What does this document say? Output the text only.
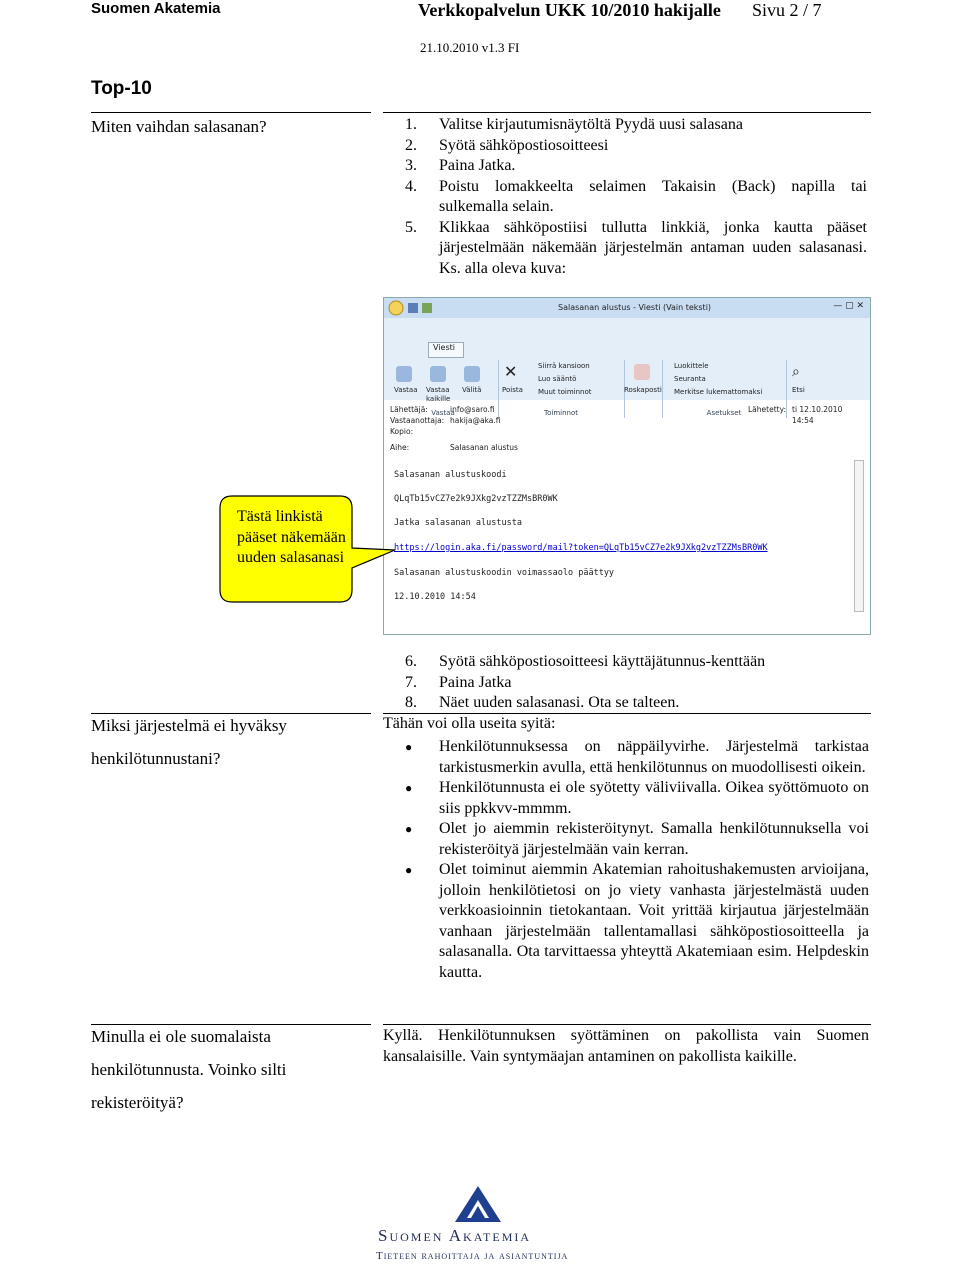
Suomen Akatemia	Verkkopalvelun UKK 10/2010 hakijalle Sivu 2 / 7
21.10.2010 v1.3 FI
Top-10
Miten vaihdan salasanan?	1.	Valitse kirjautumisnäytöltä Pyydä uusi salasana
2.	Syötä sähköpostiosoitteesi
3.	Paina Jatka.
4.	Poistu lomakkeelta selaimen Takaisin (Back) napilla tai sulkemalla selain.
5.	Klikkaa sähköpostiisi tullutta linkkiä, jonka kautta pääset järjestelmään näkemään järjestelmän antaman uuden salasanasi. Ks. alla oleva kuva:
Salasanan alustus - Viesti (Vain teksti)	— ▢ ✕
Viesti
Vastaa Vastaa kaikille
Välitä
Vastaa
✕
Poista
Siirrä kansioon
Luo sääntö
Muut toiminnot
Toiminnot
Roskaposti
Luokittele
Seuranta
Merkitse lukemattomaksi
Asetukset
⌕
Etsi
Lähettäjä:	info@saro.fi
Vastaanottaja: hakija@aka.fi
Kopio:
Aihe:	Salasanan alustus
Lähetetty: ti 12.10.2010 14:54
Salasanan alustuskoodi
QLqTb15vCZ7e2k9JXkg2vzTZZMsBR0WK
Jatka salasanan alustusta
https://login.aka.fi/password/mail?token=QLqTb15vCZ7e2k9JXkg2vzTZZMsBR0WK
Salasanan alustuskoodin voimassaolo päättyy
12.10.2010 14:54
Tästä linkistä pääset näkemään uuden salasanasi
6.	Syötä sähköpostiosoitteesi käyttäjätunnus-kenttään
7.	Paina Jatka
8.	Näet uuden salasanasi. Ota se talteen.
Miksi järjestelmä ei hyväksy henkilötunnustani?
Tähän voi olla useita syitä:
●	Henkilötunnuksessa on näppäilyvirhe. Järjestelmä tarkistaa tarkistusmerkin avulla, että henkilötunnus on muodollisesti oikein.
●	Henkilötunnusta ei ole syötetty väliviivalla. Oikea syöttömuoto on siis ppkkvv-mmmm.
●	Olet jo aiemmin rekisteröitynyt. Samalla henkilötunnuksella voi rekisteröityä järjestelmään vain kerran.
●	Olet toiminut aiemmin Akatemian rahoitushakemusten arvioijana, jolloin henkilötietosi on jo viety vanhasta järjestelmästä uuden verkkoasioinnin tietokantaan. Voit yrittää kirjautua järjestelmään vanhaan järjestelmään tallentamallasi sähköpostiosoitteella ja salasanalla. Ota tarvittaessa yhteyttä Akatemiaan esim. Helpdeskin kautta.
Minulla ei ole suomalaista henkilötunnusta. Voinko silti rekisteröityä?
Kyllä. Henkilötunnuksen syöttäminen on pakollista vain Suomen kansalaisille. Vain syntymäajan antaminen on pakollista kaikille.
Suomen Akatemia
Tieteen rahoittaja ja asiantuntija
